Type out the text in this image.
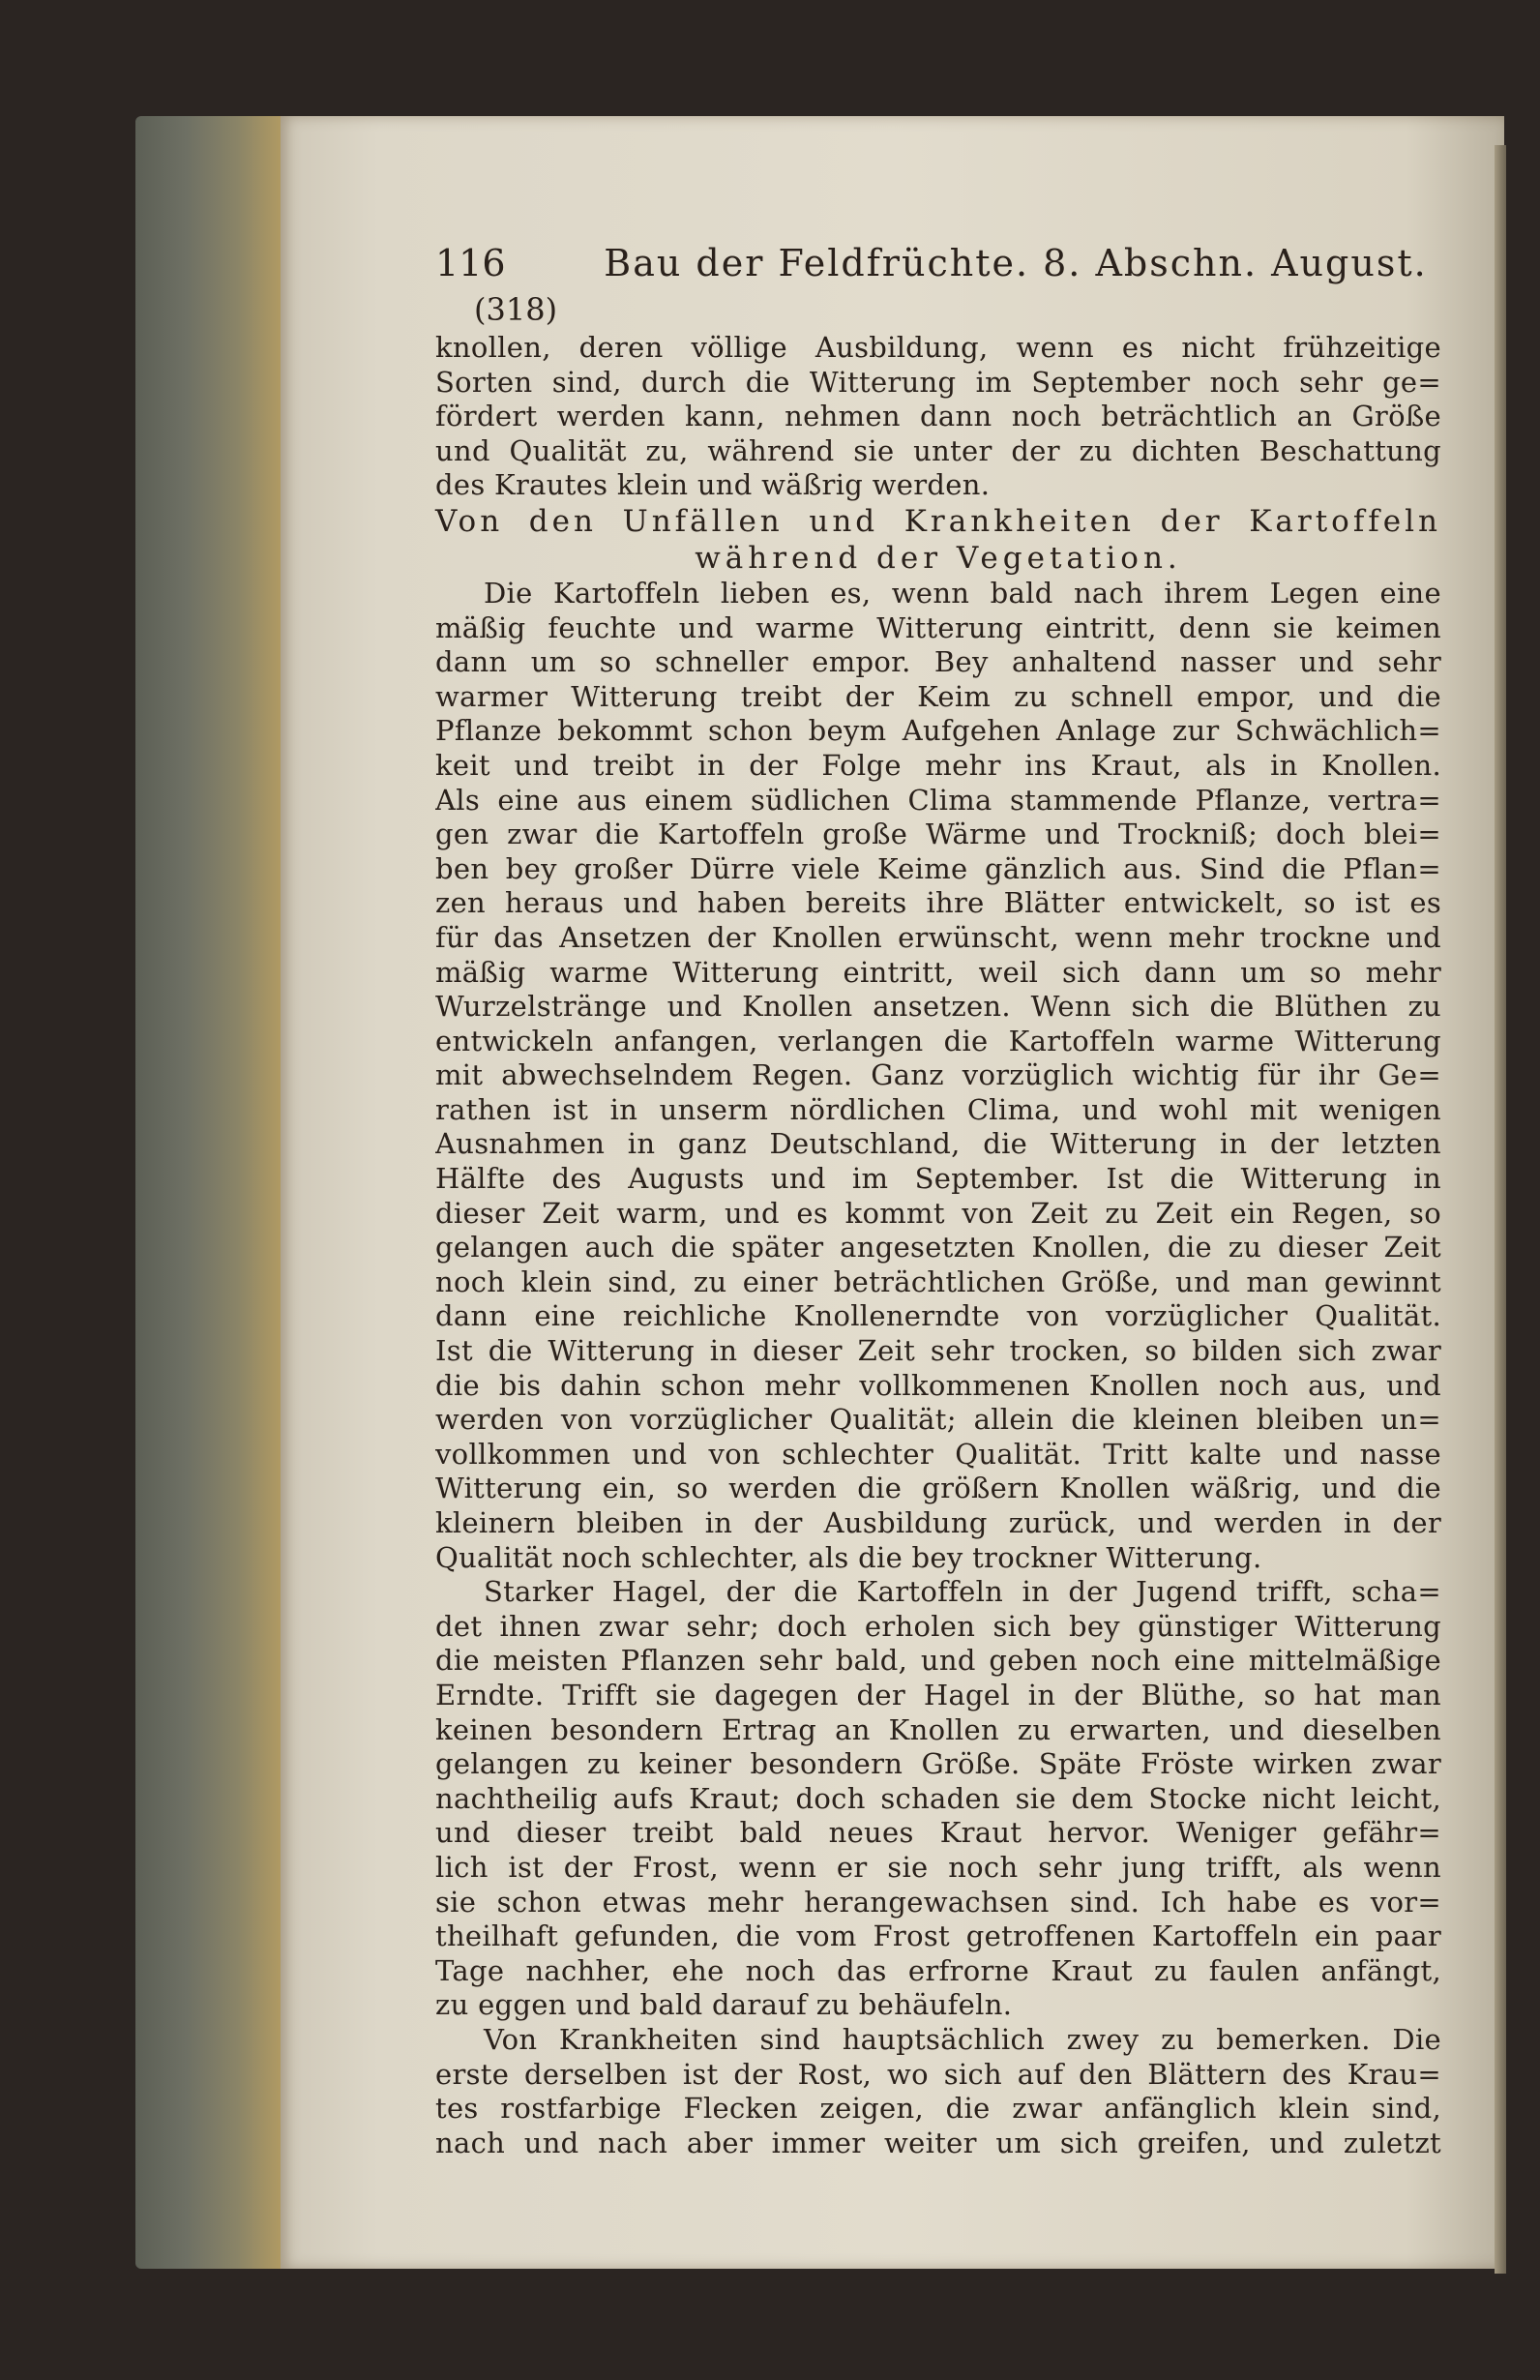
116	Bau der Feldfrüchte. 8. Abschn. August.
(318)
knollen, deren völlige Ausbildung, wenn es nicht frühzeitige
Sorten sind, durch die Witterung im September noch sehr ge=
fördert werden kann, nehmen dann noch beträchtlich an Größe
und Qualität zu, während sie unter der zu dichten Beschattung
des Krautes klein und wäßrig werden.
Von den Unfällen und Krankheiten der Kartoffeln
während der Vegetation.
Die Kartoffeln lieben es, wenn bald nach ihrem Legen eine
mäßig feuchte und warme Witterung eintritt, denn sie keimen
dann um so schneller empor. Bey anhaltend nasser und sehr
warmer Witterung treibt der Keim zu schnell empor, und die
Pflanze bekommt schon beym Aufgehen Anlage zur Schwächlich=
keit und treibt in der Folge mehr ins Kraut, als in Knollen.
Als eine aus einem südlichen Clima stammende Pflanze, vertra=
gen zwar die Kartoffeln große Wärme und Trockniß; doch blei=
ben bey großer Dürre viele Keime gänzlich aus. Sind die Pflan=
zen heraus und haben bereits ihre Blätter entwickelt, so ist es
für das Ansetzen der Knollen erwünscht, wenn mehr trockne und
mäßig warme Witterung eintritt, weil sich dann um so mehr
Wurzelstränge und Knollen ansetzen. Wenn sich die Blüthen zu
entwickeln anfangen, verlangen die Kartoffeln warme Witterung
mit abwechselndem Regen. Ganz vorzüglich wichtig für ihr Ge=
rathen ist in unserm nördlichen Clima, und wohl mit wenigen
Ausnahmen in ganz Deutschland, die Witterung in der letzten
Hälfte des Augusts und im September. Ist die Witterung in
dieser Zeit warm, und es kommt von Zeit zu Zeit ein Regen, so
gelangen auch die später angesetzten Knollen, die zu dieser Zeit
noch klein sind, zu einer beträchtlichen Größe, und man gewinnt
dann eine reichliche Knollenerndte von vorzüglicher Qualität.
Ist die Witterung in dieser Zeit sehr trocken, so bilden sich zwar
die bis dahin schon mehr vollkommenen Knollen noch aus, und
werden von vorzüglicher Qualität; allein die kleinen bleiben un=
vollkommen und von schlechter Qualität. Tritt kalte und nasse
Witterung ein, so werden die größern Knollen wäßrig, und die
kleinern bleiben in der Ausbildung zurück, und werden in der
Qualität noch schlechter, als die bey trockner Witterung.
Starker Hagel, der die Kartoffeln in der Jugend trifft, scha=
det ihnen zwar sehr; doch erholen sich bey günstiger Witterung
die meisten Pflanzen sehr bald, und geben noch eine mittelmäßige
Erndte. Trifft sie dagegen der Hagel in der Blüthe, so hat man
keinen besondern Ertrag an Knollen zu erwarten, und dieselben
gelangen zu keiner besondern Größe. Späte Fröste wirken zwar
nachtheilig aufs Kraut; doch schaden sie dem Stocke nicht leicht,
und dieser treibt bald neues Kraut hervor. Weniger gefähr=
lich ist der Frost, wenn er sie noch sehr jung trifft, als wenn
sie schon etwas mehr herangewachsen sind. Ich habe es vor=
theilhaft gefunden, die vom Frost getroffenen Kartoffeln ein paar
Tage nachher, ehe noch das erfrorne Kraut zu faulen anfängt,
zu eggen und bald darauf zu behäufeln.
Von Krankheiten sind hauptsächlich zwey zu bemerken. Die
erste derselben ist der Rost, wo sich auf den Blättern des Krau=
tes rostfarbige Flecken zeigen, die zwar anfänglich klein sind,
nach und nach aber immer weiter um sich greifen, und zuletzt
